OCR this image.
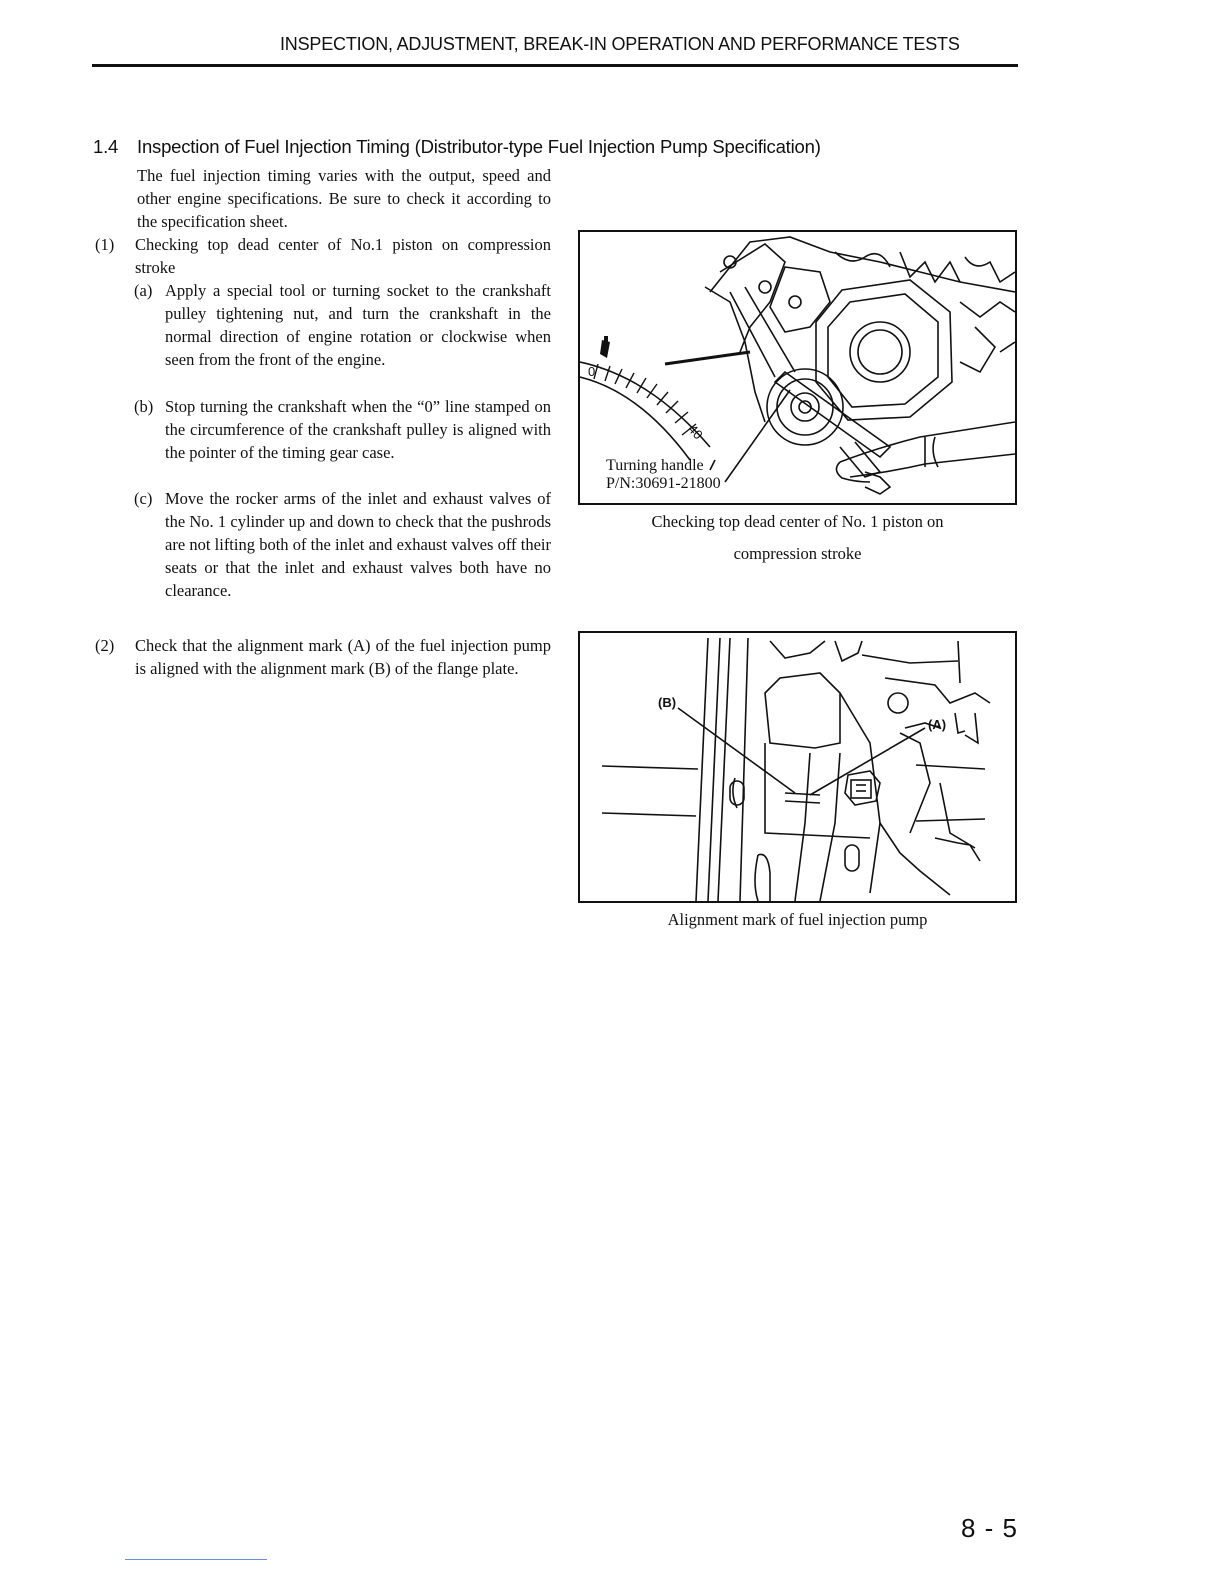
INSPECTION, ADJUSTMENT, BREAK-IN OPERATION AND PERFORMANCE TESTS
1.4 Inspection of Fuel Injection Timing (Distributor-type Fuel Injection Pump Specification)
The fuel injection timing varies with the output, speed and other engine specifications. Be sure to check it according to the specification sheet.
(1) Checking top dead center of No.1 piston on compression stroke
(a) Apply a special tool or turning socket to the crankshaft pulley tightening nut, and turn the crankshaft in the normal direction of engine rotation or clockwise when seen from the front of the engine.
(b) Stop turning the crankshaft when the “0” line stamped on the circumference of the crankshaft pulley is aligned with the pointer of the timing gear case.
(c) Move the rocker arms of the inlet and exhaust valves of the No. 1 cylinder up and down to check that the pushrods are not lifting both of the inlet and exhaust valves off their seats or that the inlet and exhaust valves both have no clearance.
(2) Check that the alignment mark (A) of the fuel injection pump is aligned with the alignment mark (B) of the flange plate.
0
40
Turning handle
P/N:30691-21800
Checking top dead center of No. 1 piston on
compression stroke
(B)
(A)
Alignment mark of fuel injection pump
8 - 5
